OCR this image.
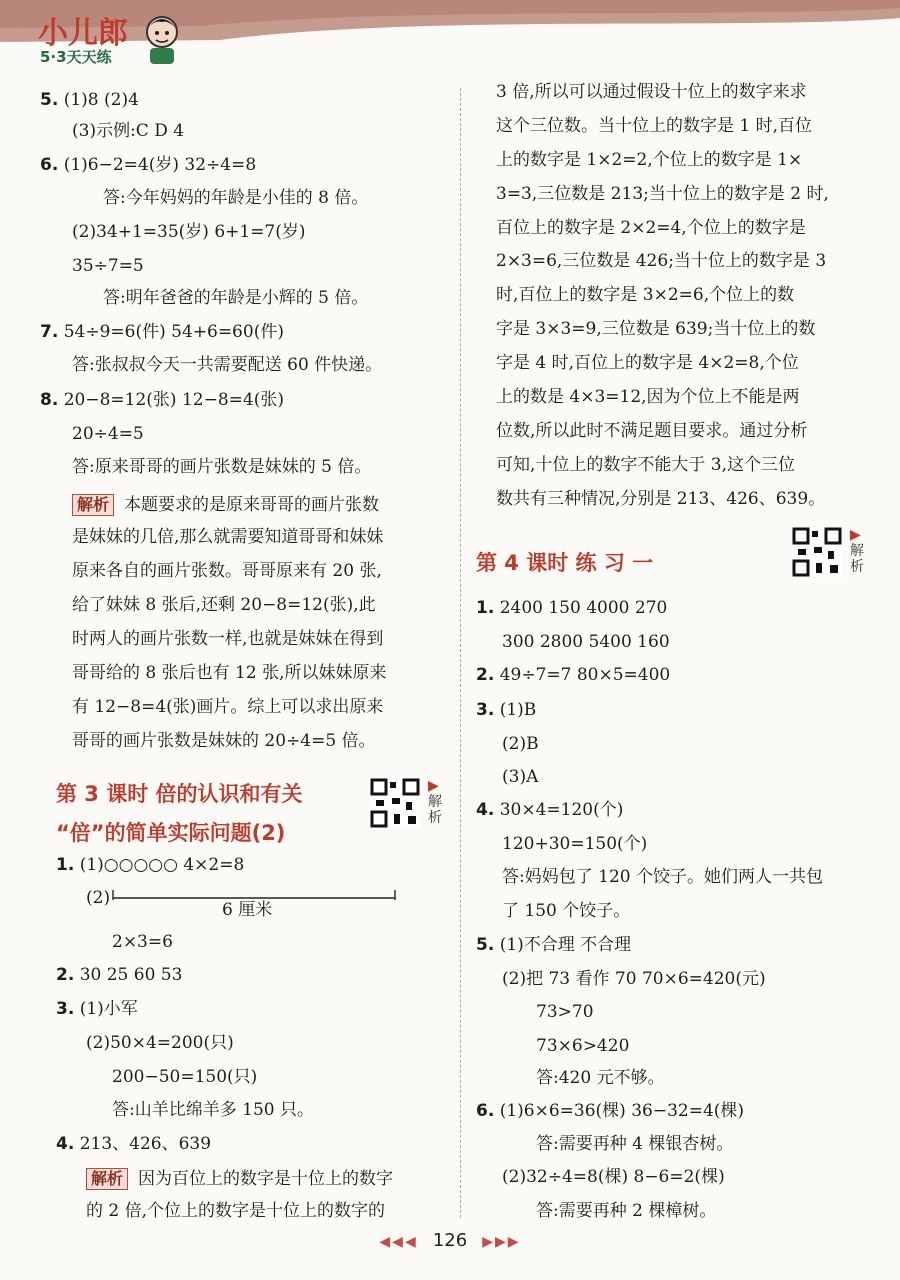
小儿郎
5·3天天练
5. (1)8 (2)4
(3)示例:C D 4
6. (1)6−2=4(岁) 32÷4=8
答:今年妈妈的年龄是小佳的 8 倍。
(2)34+1=35(岁) 6+1=7(岁)
35÷7=5
答:明年爸爸的年龄是小辉的 5 倍。
7. 54÷9=6(件) 54+6=60(件)
答:张叔叔今天一共需要配送 60 件快递。
8. 20−8=12(张) 12−8=4(张)
20÷4=5
答:原来哥哥的画片张数是妹妹的 5 倍。
解析 本题要求的是原来哥哥的画片张数
是妹妹的几倍,那么就需要知道哥哥和妹妹
原来各自的画片张数。哥哥原来有 20 张,
给了妹妹 8 张后,还剩 20−8=12(张),此
时两人的画片张数一样,也就是妹妹在得到
哥哥给的 8 张后也有 12 张,所以妹妹原来
有 12−8=4(张)画片。综上可以求出原来
哥哥的画片张数是妹妹的 20÷4=5 倍。
第 3 课时 倍的认识和有关
“倍”的简单实际问题(2)
▶解析
1. (1)○○○○○ 4×2=8
(2)
6 厘米
2×3=6
2. 30 25 60 53
3. (1)小军
(2)50×4=200(只)
200−50=150(只)
答:山羊比绵羊多 150 只。
4. 213、426、639
解析 因为百位上的数字是十位上的数字
的 2 倍,个位上的数字是十位上的数字的
3 倍,所以可以通过假设十位上的数字来求
这个三位数。当十位上的数字是 1 时,百位
上的数字是 1×2=2,个位上的数字是 1×
3=3,三位数是 213;当十位上的数字是 2 时,
百位上的数字是 2×2=4,个位上的数字是
2×3=6,三位数是 426;当十位上的数字是 3
时,百位上的数字是 3×2=6,个位上的数
字是 3×3=9,三位数是 639;当十位上的数
字是 4 时,百位上的数字是 4×2=8,个位
上的数是 4×3=12,因为个位上不能是两
位数,所以此时不满足题目要求。通过分析
可知,十位上的数字不能大于 3,这个三位
数共有三种情况,分别是 213、426、639。
第 4 课时 练 习 一
▶解析
1. 2400 150 4000 270
300 2800 5400 160
2. 49÷7=7 80×5=400
3. (1)B
(2)B
(3)A
4. 30×4=120(个)
120+30=150(个)
答:妈妈包了 120 个饺子。她们两人一共包
了 150 个饺子。
5. (1)不合理 不合理
(2)把 73 看作 70 70×6=420(元)
73>70
73×6>420
答:420 元不够。
6. (1)6×6=36(棵) 36−32=4(棵)
答:需要再种 4 棵银杏树。
(2)32÷4=8(棵) 8−6=2(棵)
答:需要再种 2 棵樟树。
◀◀◀ 126 ▶▶▶
